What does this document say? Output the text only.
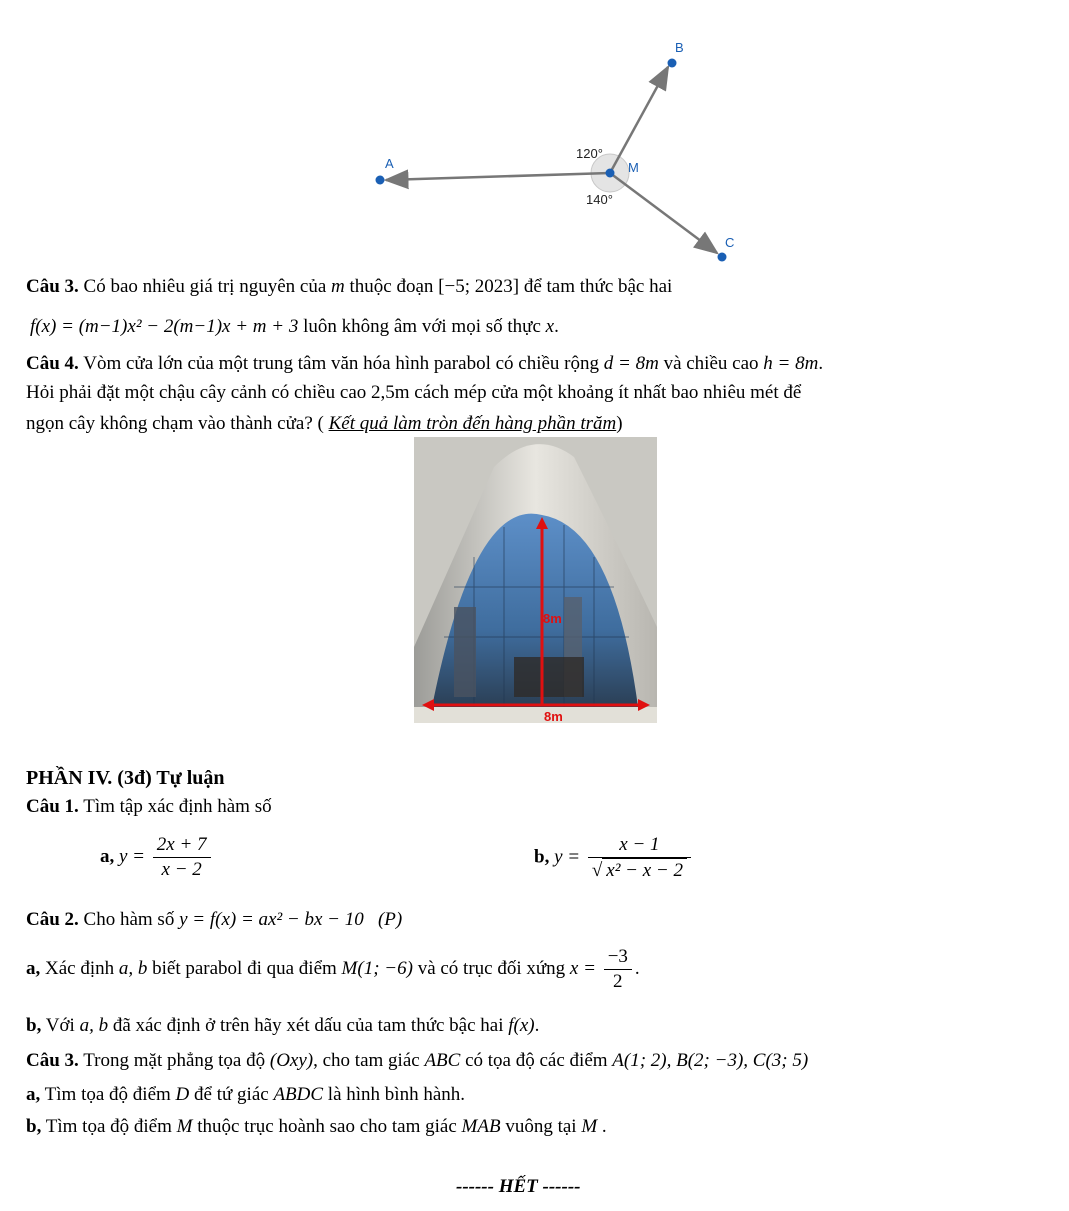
A
B
M
C
120°
140°
Câu 3. Có bao nhiêu giá trị nguyên của m thuộc đoạn [−5; 2023] để tam thức bậc hai
f(x) = (m−1)x² − 2(m−1)x + m + 3 luôn không âm với mọi số thực x.
Câu 4. Vòm cửa lớn của một trung tâm văn hóa hình parabol có chiều rộng d = 8m và chiều cao h = 8m.
Hỏi phải đặt một chậu cây cảnh có chiều cao 2,5m cách mép cửa một khoảng ít nhất bao nhiêu mét để
ngọn cây không chạm vào thành cửa? ( Kết quả làm tròn đến hàng phần trăm)
8m
8m
PHẦN IV. (3đ) Tự luận
Câu 1. Tìm tập xác định hàm số
a, $y = \frac{2x + 7}{x - 2}$	b, $y = \frac{x - 1}{\text{√ x² − x − 2}}$
Câu 2. Cho hàm số y = f(x) = ax² − bx − 10   (P)
a, Xác định a, b biết parabol đi qua điểm M(1; −6) và có trục đối xứng $x = \frac{-3}{2}$ .
b, Với a, b đã xác định ở trên hãy xét dấu của tam thức bậc hai f(x).
Câu 3. Trong mặt phẳng tọa độ (Oxy), cho tam giác ABC có tọa độ các điểm A(1; 2), B(2; −3), C(3; 5)
a, Tìm tọa độ điểm D để tứ giác ABDC là hình bình hành.
b, Tìm tọa độ điểm M thuộc trục hoành sao cho tam giác MAB vuông tại M .
------ HẾT ------
